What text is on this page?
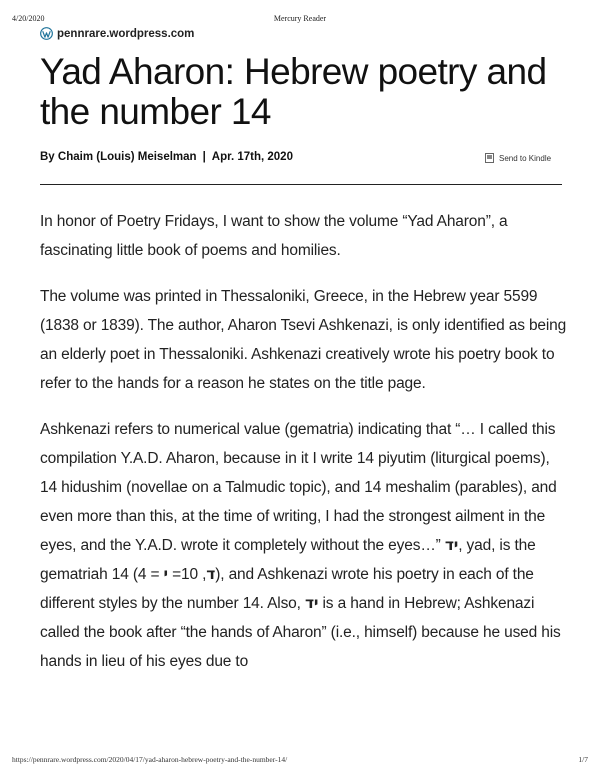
4/20/2020	Mercury Reader
pennrare.wordpress.com
Yad Aharon: Hebrew poetry and the number 14
By Chaim (Louis) Meiselman | Apr. 17th, 2020	Send to Kindle

In honor of Poetry Fridays, I want to show the volume “Yad Aharon”, a fascinating little book of poems and homilies.

The volume was printed in Thessaloniki, Greece, in the Hebrew year 5599 (1838 or 1839). The author, Aharon Tsevi Ashkenazi, is only identified as being an elderly poet in Thessaloniki. Ashkenazi creatively wrote his poetry book to refer to the hands for a reason he states on the title page.

Ashkenazi refers to numerical value (gematria) indicating that “… I called this compilation Y.A.D. Aharon, because in it I write 14 piyutim (liturgical poems), 14 hidushim (novellae on a Talmudic topic), and 14 meshalim (parables), and even more than this, at the time of writing, I had the strongest ailment in the eyes, and the Y.A.D. wrote it completely without the eyes…” יד, yad, is the gematriah 14 (4 =	ד, 10= י	), and Ashkenazi wrote his poetry in each of the different styles by the number 14. Also, יד is a hand in Hebrew; Ashkenazi called the book after “the hands of Aharon” (i.e., himself) because he used his hands in lieu of his eyes due to

https://pennrare.wordpress.com/2020/04/17/yad-aharon-hebrew-poetry-and-the-number-14/	1/7
